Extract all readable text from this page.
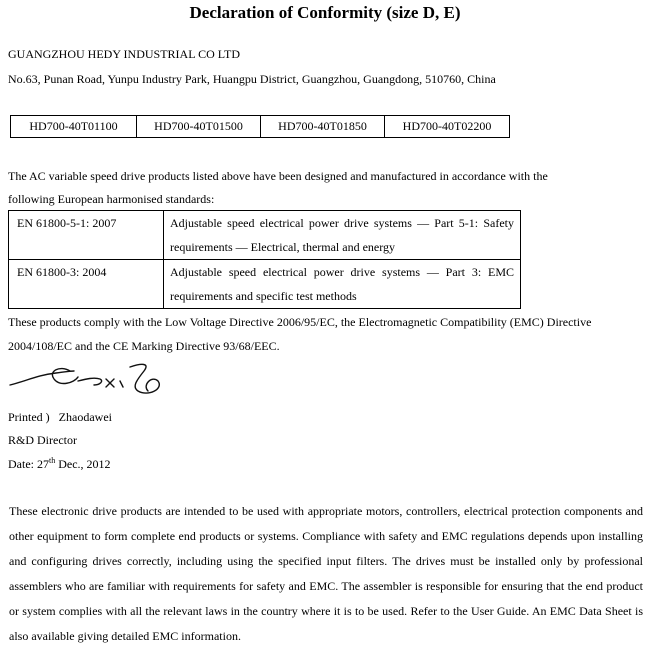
Declaration of Conformity (size D, E)
GUANGZHOU HEDY INDUSTRIAL CO LTD
No.63, Punan Road, Yunpu Industry Park, Huangpu District, Guangzhou, Guangdong, 510760, China
HD700-40T01100	HD700-40T01500	HD700-40T01850	HD700-40T02200
The AC variable speed drive products listed above have been designed and manufactured in accordance with the
following European harmonised standards:
EN 61800-5-1: 2007	Adjustable speed electrical power drive systems — Part 5-1: Safety requirements — Electrical, thermal and energy

EN 61800-3: 2004	Adjustable speed electrical power drive systems — Part 3: EMC requirements and specific test methods
These products comply with the Low Voltage Directive 2006/95/EC, the Electromagnetic Compatibility (EMC) Directive
2004/108/EC and the CE Marking Directive 93/68/EEC.
Printed ) Zhaodawei
R&D Director
Date: 27th Dec., 2012
These electronic drive products are intended to be used with appropriate motors, controllers, electrical protection components and other equipment to form complete end products or systems. Compliance with safety and EMC regulations depends upon installing and configuring drives correctly, including using the specified input filters. The drives must be installed only by professional assemblers who are familiar with requirements for safety and EMC. The assembler is responsible for ensuring that the end product or system complies with all the relevant laws in the country where it is to be used. Refer to the User Guide. An EMC Data Sheet is also available giving detailed EMC information.
